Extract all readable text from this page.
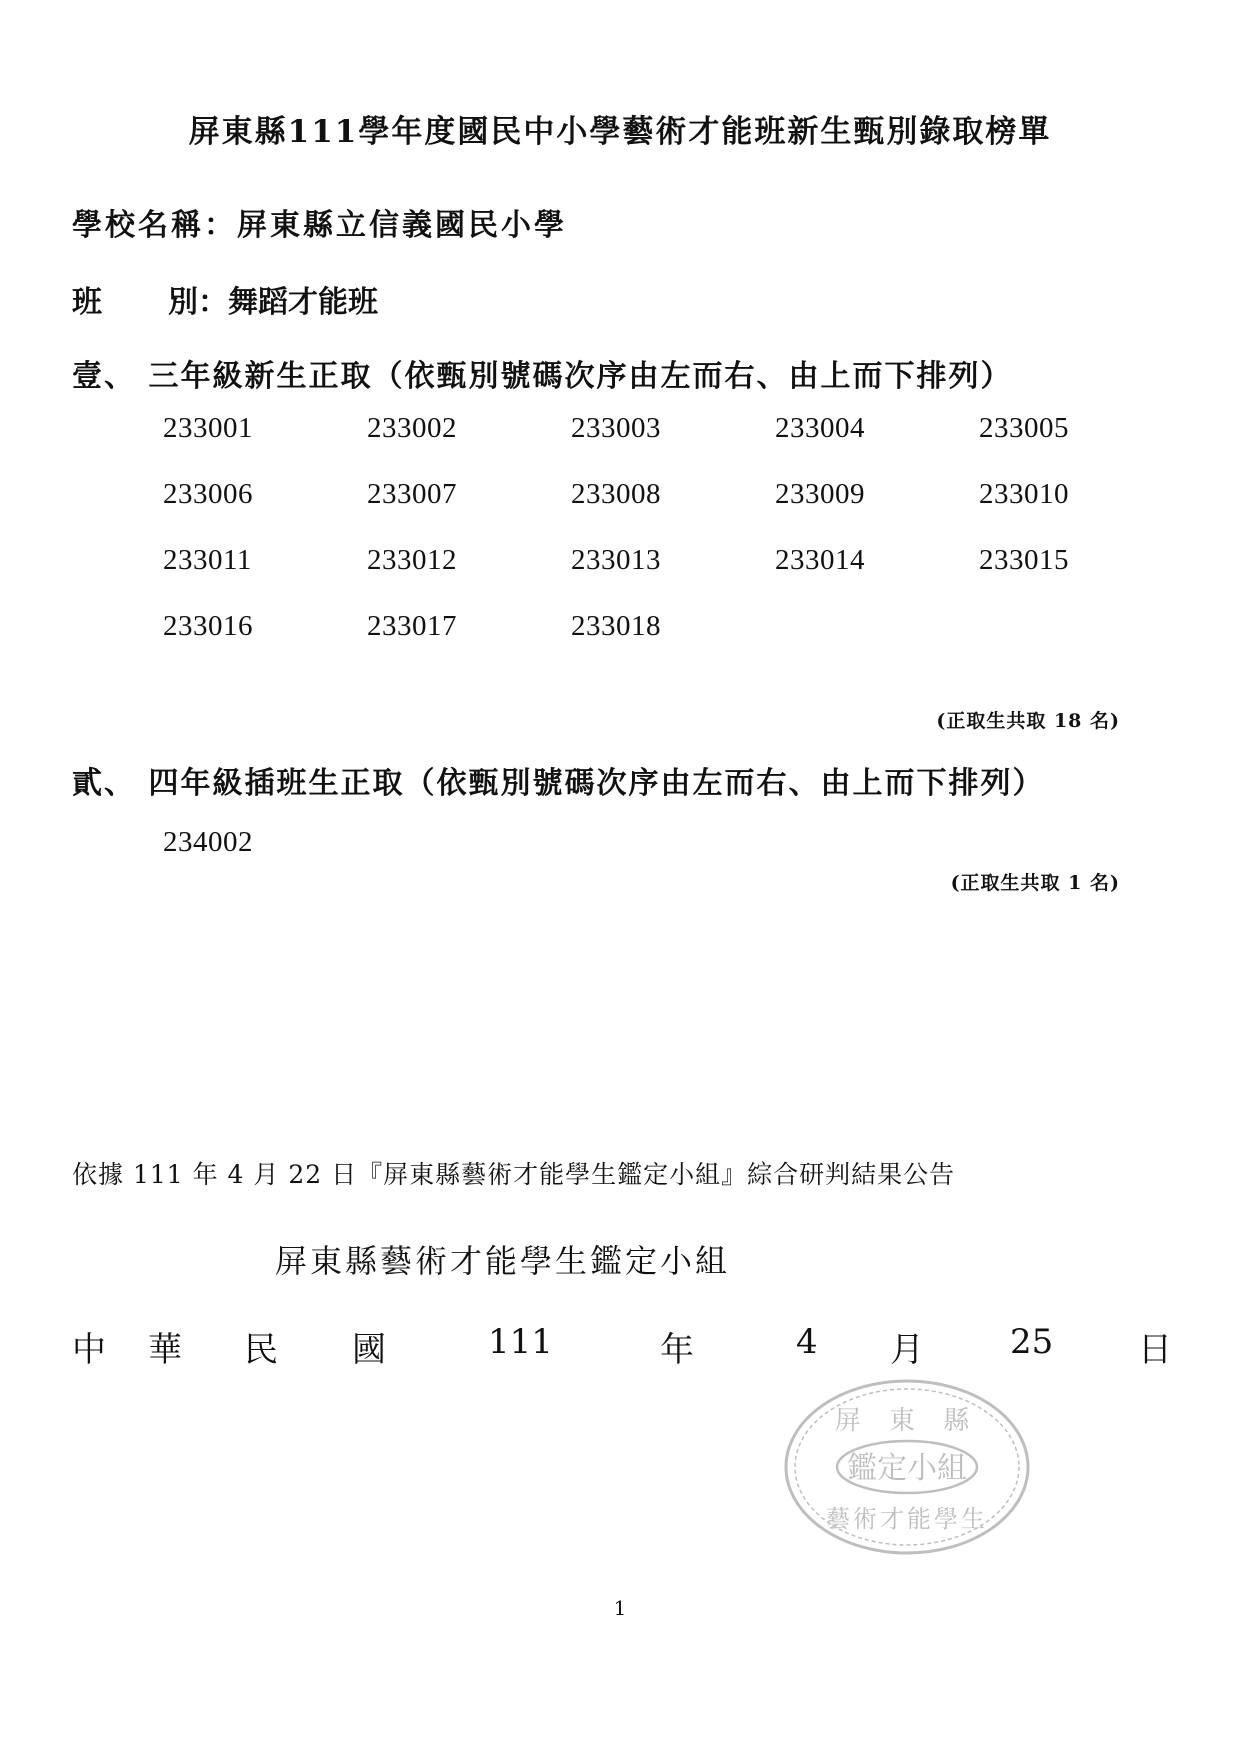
屏東縣111學年度國民中小學藝術才能班新生甄別錄取榜單
學校名稱：屏東縣立信義國民小學
班 別：舞蹈才能班
壹、 三年級新生正取（依甄別號碼次序由左而右、由上而下排列）
233001	233002	233003	233004	233005
233006	233007	233008	233009	233010
233011	233012	233013	233014	233015
233016	233017	233018
(正取生共取 18 名)
貳、 四年級插班生正取（依甄別號碼次序由左而右、由上而下排列）
234002
(正取生共取 1 名)
依據 111 年 4 月 22 日『屏東縣藝術才能學生鑑定小組』綜合研判結果公告
屏東縣藝術才能學生鑑定小組
中 華 民 國	111	年	4 月	25 日
屏 東 縣
鑑定小組
藝術才能學生
1
